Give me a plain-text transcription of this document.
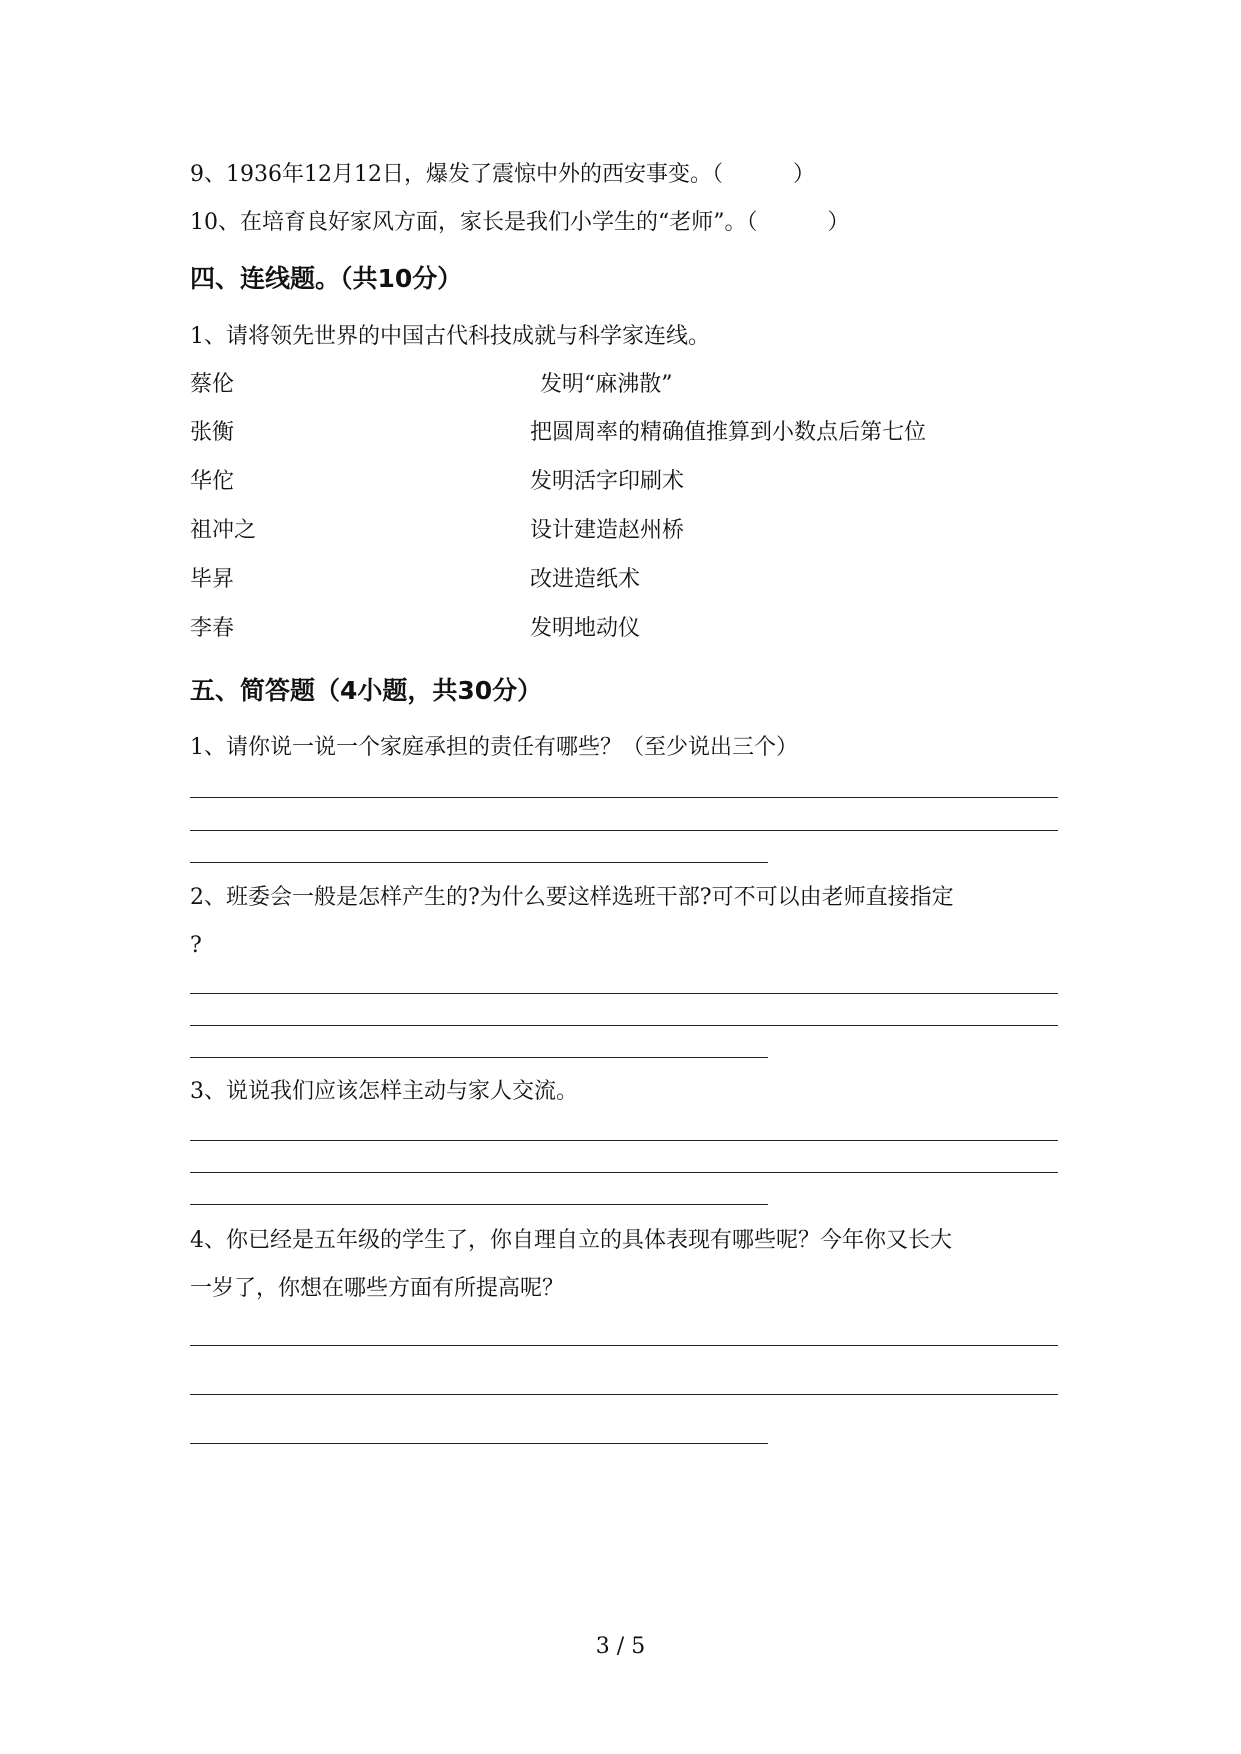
9、1936年12月12日，爆发了震惊中外的西安事变。（	）
10、在培育良好家风方面，家长是我们小学生的“老师”。（	）
四、连线题。（共10分）
1、请将领先世界的中国古代科技成就与科学家连线。
蔡伦	发明“麻沸散”
张衡	把圆周率的精确值推算到小数点后第七位
华佗	发明活字印刷术
祖冲之	设计建造赵州桥
毕昇	改进造纸术
李春	发明地动仪
五、简答题（4小题，共30分）
1、请你说一说一个家庭承担的责任有哪些？（至少说出三个）
2、班委会一般是怎样产生的?为什么要这样选班干部?可不可以由老师直接指定
?
3、说说我们应该怎样主动与家人交流。
4、你已经是五年级的学生了，你自理自立的具体表现有哪些呢？今年你又长大
一岁了，你想在哪些方面有所提高呢？
3 / 5
